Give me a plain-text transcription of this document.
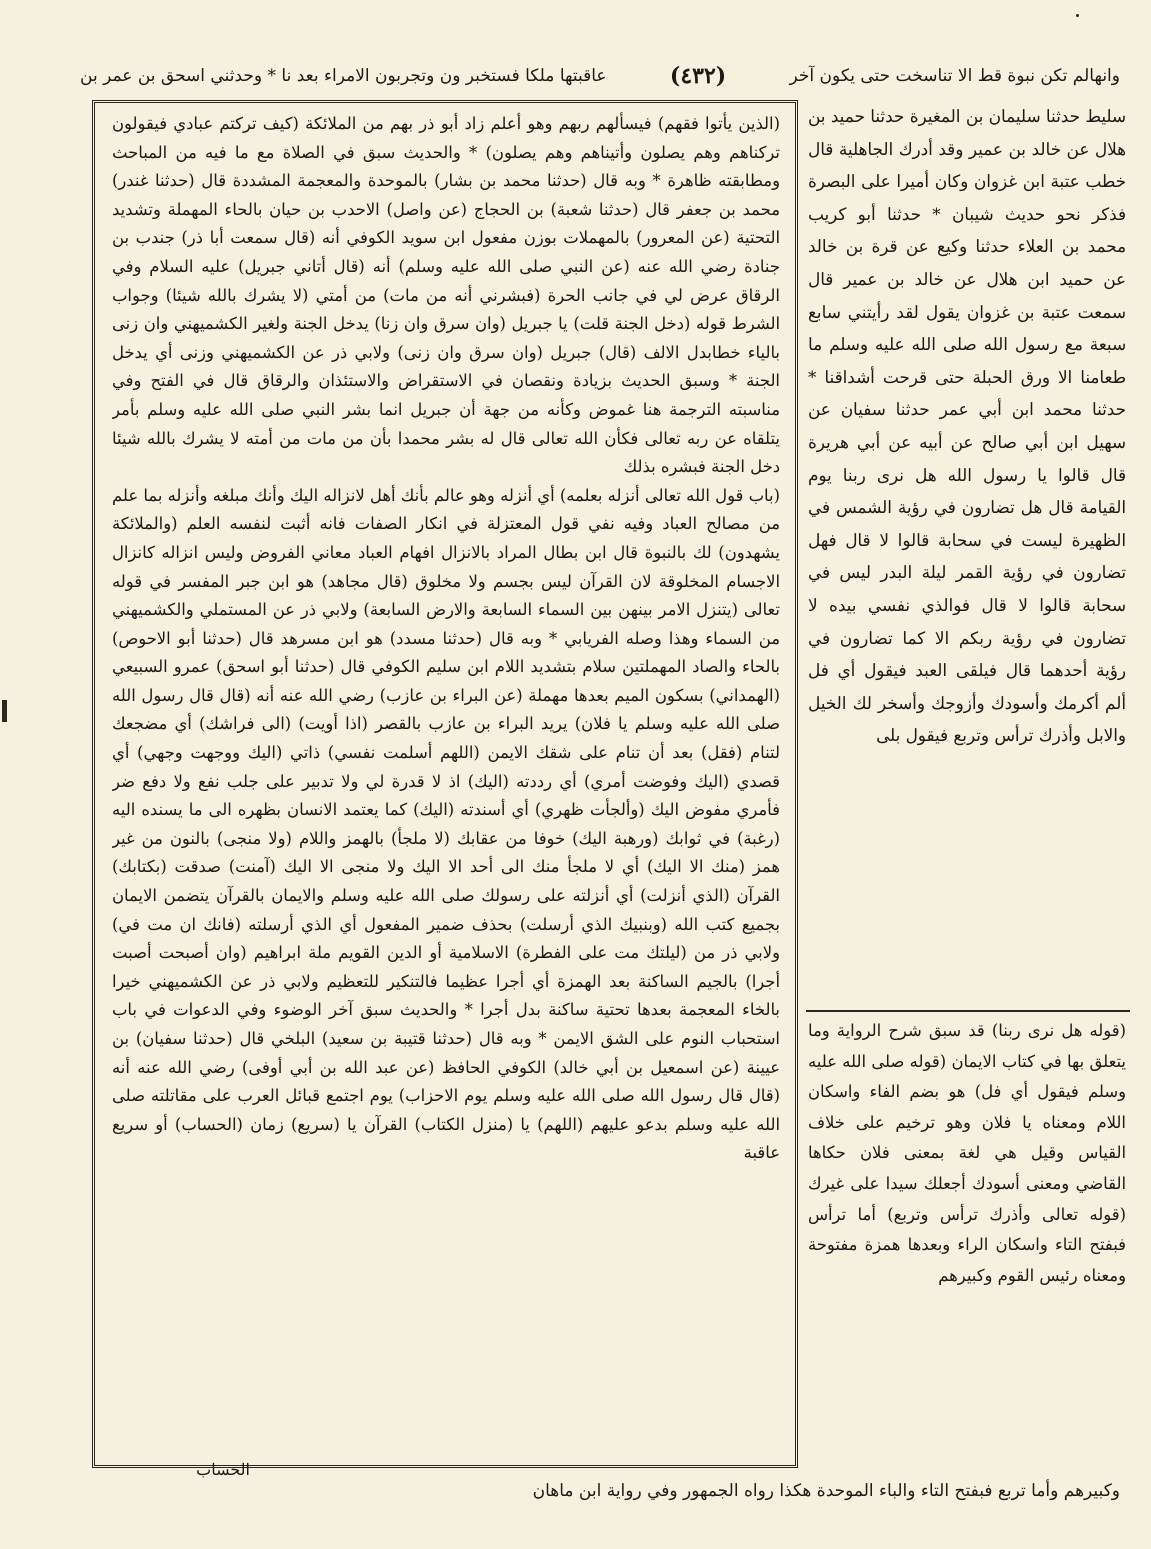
وانهالم تكن نبوة قط الا تناسخت حتى يكون آخر
(٤٣٢)
عاقبتها ملكا فستخبر ون وتجربون الامراء بعد نا * وحدثني اسحق بن عمر بن

(الذين يأتوا فقهم) فيسألهم ربهم وهو أعلم زاد أبو ذر بهم من الملائكة (كيف تركتم عبادي فيقولون تركناهم وهم يصلون وأتيناهم وهم يصلون) * والحديث سبق في الصلاة مع ما فيه من المباحث ومطابقته ظاهرة * وبه قال (حدثنا محمد بن بشار) بالموحدة والمعجمة المشددة قال (حدثنا غندر) محمد بن جعفر قال (حدثنا شعبة) بن الحجاج (عن واصل) الاحدب بن حيان بالحاء المهملة وتشديد التحتية (عن المعرور) بالمهملات بوزن مفعول ابن سويد الكوفي أنه (قال سمعت أبا ذر) جندب بن جنادة رضي الله عنه (عن النبي صلى الله عليه وسلم) أنه (قال أتاني جبريل) عليه السلام وفي الرقاق عرض لي في جانب الحرة (فبشرني أنه من مات) من أمتي (لا يشرك بالله شيئا) وجواب الشرط قوله (دخل الجنة قلت) يا جبريل (وان سرق وان زنا) يدخل الجنة ولغير الكشميهني وان زنى بالياء خطابدل الالف (قال) جبريل (وان سرق وان زنى) ولابي ذر عن الكشميهني وزنى أي يدخل الجنة * وسبق الحديث بزيادة ونقصان في الاستقراض والاستئذان والرقاق قال في الفتح وفي مناسبته الترجمة هنا غموض وكأنه من جهة أن جبريل انما بشر النبي صلى الله عليه وسلم بأمر يتلقاه عن ربه تعالى فكأن الله تعالى قال له بشر محمدا بأن من مات من أمته لا يشرك بالله شيئا دخل الجنة فبشره بذلك

(باب قول الله تعالى أنزله بعلمه) أي أنزله وهو عالم بأنك أهل لانزاله اليك وأنك مبلغه وأنزله بما علم من مصالح العباد وفيه نفي قول المعتزلة في انكار الصفات فانه أثبت لنفسه العلم (والملائكة يشهدون) لك بالنبوة قال ابن بطال المراد بالانزال افهام العباد معاني الفروض وليس انزاله كانزال الاجسام المخلوقة لان القرآن ليس بجسم ولا مخلوق (قال مجاهد) هو ابن جبر المفسر في قوله تعالى (يتنزل الامر بينهن بين السماء السابعة والارض السابعة) ولابي ذر عن المستملي والكشميهني من السماء وهذا وصله الفريابي * وبه قال (حدثنا مسدد) هو ابن مسرهد قال (حدثنا أبو الاحوص) بالحاء والصاد المهملتين سلام بتشديد اللام ابن سليم الكوفي قال (حدثنا أبو اسحق) عمرو السبيعي (الهمداني) بسكون الميم بعدها مهملة (عن البراء بن عازب) رضي الله عنه أنه (قال قال رسول الله صلى الله عليه وسلم يا فلان) يريد البراء بن عازب بالقصر (اذا أويت) (الى فراشك) أي مضجعك لتنام (فقل) بعد أن تنام على شقك الايمن (اللهم أسلمت نفسي) ذاتي (اليك ووجهت وجهي) أي قصدي (اليك وفوضت أمري) أي رددته (اليك) اذ لا قدرة لي ولا تدبير على جلب نفع ولا دفع ضر فأمري مفوض اليك (وألجأت ظهري) أي أسندته (اليك) كما يعتمد الانسان بظهره الى ما يسنده اليه (رغبة) في ثوابك (ورهبة اليك) خوفا من عقابك (لا ملجأ) بالهمز واللام (ولا منجى) بالنون من غير همز (منك الا اليك) أي لا ملجأ منك الى أحد الا اليك ولا منجى الا اليك (آمنت) صدقت (بكتابك) القرآن (الذي أنزلت) أي أنزلته على رسولك صلى الله عليه وسلم والايمان بالقرآن يتضمن الايمان بجميع كتب الله (وبنبيك الذي أرسلت) بحذف ضمير المفعول أي الذي أرسلته (فانك ان مت في) ولابي ذر من (ليلتك مت على الفطرة) الاسلامية أو الدين القويم ملة ابراهيم (وان أصبحت أصبت أجرا) بالجيم الساكنة بعد الهمزة أي أجرا عظيما فالتنكير للتعظيم ولابي ذر عن الكشميهني خيرا بالخاء المعجمة بعدها تحتية ساكنة بدل أجرا * والحديث سبق آخر الوضوء وفي الدعوات في باب استحباب النوم على الشق الايمن * وبه قال (حدثنا قتيبة بن سعيد) البلخي قال (حدثنا سفيان) بن عيينة (عن اسمعيل بن أبي خالد) الكوفي الحافظ (عن عبد الله بن أبي أوفى) رضي الله عنه أنه (قال قال رسول الله صلى الله عليه وسلم يوم الاحزاب) يوم اجتمع قبائل العرب على مقاتلته صلى الله عليه وسلم بدعو عليهم (اللهم) يا (منزل الكتاب) القرآن يا (سريع) زمان (الحساب) أو سريع عاقبة

سليط حدثنا سليمان بن المغيرة حدثنا حميد بن هلال عن خالد بن عمير وقد أدرك الجاهلية قال خطب عتبة ابن غزوان وكان أميرا على البصرة فذكر نحو حديث شيبان * حدثنا أبو كريب محمد بن العلاء حدثنا وكيع عن قرة بن خالد عن حميد ابن هلال عن خالد بن عمير قال سمعت عتبة بن غزوان يقول لقد رأيتني سابع سبعة مع رسول الله صلى الله عليه وسلم ما طعامنا الا ورق الحبلة حتى قرحت أشداقنا * حدثنا محمد ابن أبي عمر حدثنا سفيان عن سهيل ابن أبي صالح عن أبيه عن أبي هريرة قال قالوا يا رسول الله هل نرى ربنا يوم القيامة قال هل تضارون في رؤية الشمس في الظهيرة ليست في سحابة قالوا لا قال فهل تضارون في رؤية القمر ليلة البدر ليس في سحابة قالوا لا قال فوالذي نفسي بيده لا تضارون في رؤية ربكم الا كما تضارون في رؤية أحدهما قال فيلقى العبد فيقول أي فل ألم أكرمك وأسودك وأزوجك وأسخر لك الخيل والابل وأذرك ترأس وتربع فيقول بلى

(قوله هل نرى ربنا) قد سبق شرح الرواية وما يتعلق بها في كتاب الايمان (قوله صلى الله عليه وسلم فيقول أي فل) هو بضم الفاء واسكان اللام ومعناه يا فلان وهو ترخيم على خلاف القياس وقيل هي لغة بمعنى فلان حكاها القاضي ومعنى أسودك أجعلك سيدا على غيرك (قوله تعالى وأذرك ترأس وتربع) أما ترأس فبفتح التاء واسكان الراء وبعدها همزة مفتوحة ومعناه رئيس القوم وكبيرهم

الحساب
وكبيرهم وأما تربع فبفتح التاء والباء الموحدة هكذا رواه الجمهور وفي رواية ابن ماهان
